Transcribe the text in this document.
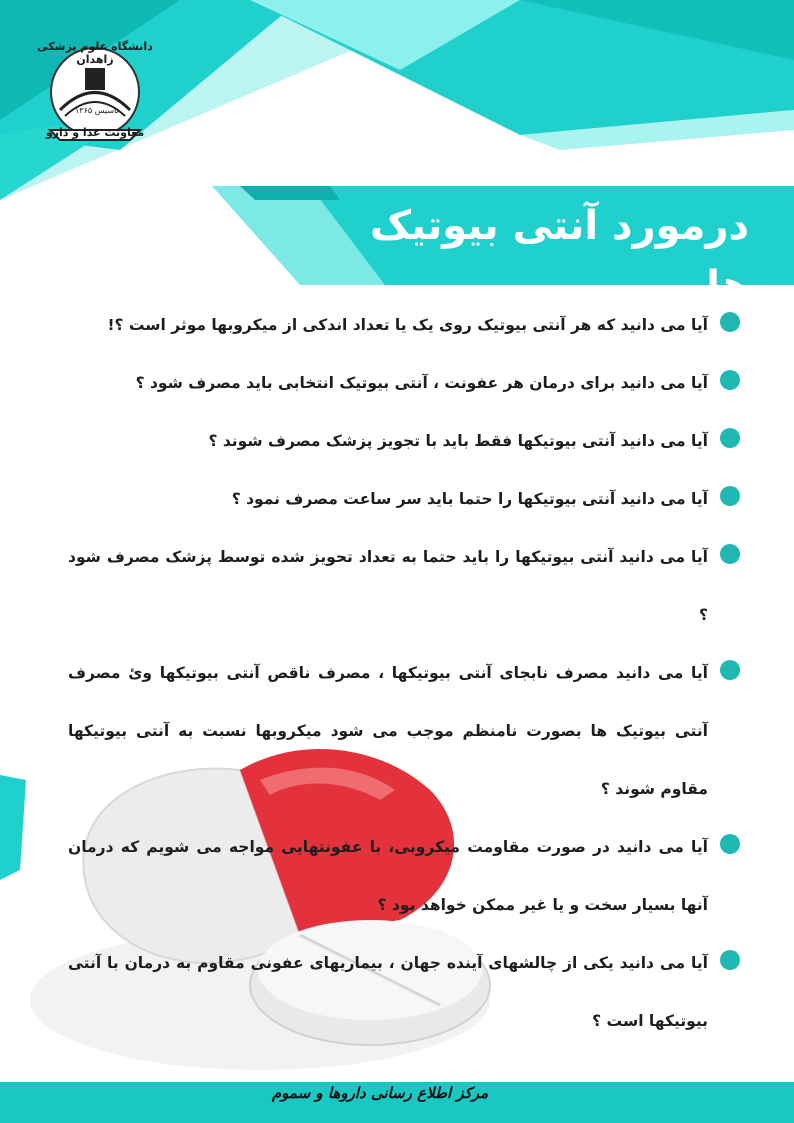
دانشگاه علوم پزشکی زاهدان
معاونت غذا و دارو
تاسیس ۱۳۶۵
درمورد آنتی بیوتیک ها
آیا می دانید که هر آنتی بیوتیک روی یک یا تعداد اندکی از میکروبها موثر است ؟!
آیا می دانید برای درمان هر عفونت ، آنتی بیوتیک انتخابی باید مصرف شود ؟
آیا می دانید آنتی بیوتیکها فقط باید با تجویز پزشک مصرف شوند ؟
آیا می دانید آنتی بیوتیکها را حتما باید سر ساعت مصرف نمود ؟
آیا می دانید آنتی بیوتیکها را باید حتما به تعداد تحویز شده توسط پزشک مصرف شود ؟
آیا می دانید مصرف نابجای آنتی بیوتیکها ، مصرف ناقص آنتی بیوتیکها وئ مصرف آنتی بیوتیک ها بصورت نامنظم موجب می شود میکروبها نسبت به آنتی بیوتیکها مقاوم شوند ؟
آیا می دانید در صورت مقاومت میکروبی، با عفونتهایی مواجه می شویم که درمان آنها بسیار سخت و یا غیر ممکن خواهد بود ؟
آیا می دانید یکی از چالشهای آینده جهان ، بیماریهای عفونی مقاوم به درمان با آنتی بیوتیکها است ؟
مرکز اطلاع رسانی داروها و سموم
